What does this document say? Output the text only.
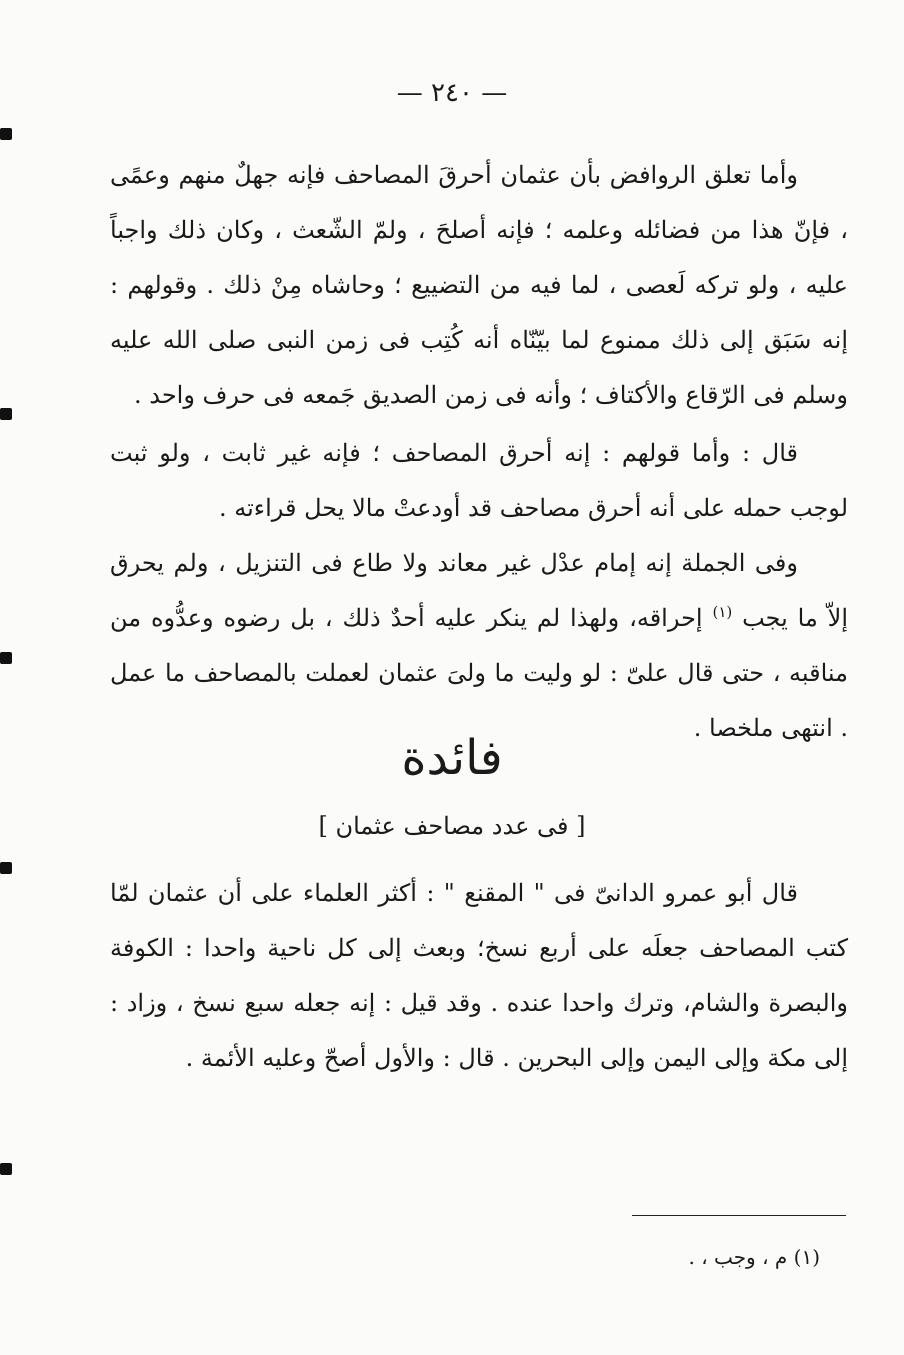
— ٢٤٠ —

وأما تعلق الروافض بأن عثمان أحرقَ المصاحف فإنه جهلٌ منهم وعمًى ، فإنّ هذا من فضائله وعلمه ؛ فإنه أصلحَ ، ولمّ الشّعث ، وكان ذلك واجباً عليه ، ولو تركه لَعصى ، لما فيه من التضييع ؛ وحاشاه مِنْ ذلك . وقولهم : إنه سَبَق إلى ذلك ممنوع لما بيّنّاه أنه كُتِب فى زمن النبى صلى الله عليه وسلم فى الرّقاع والأكتاف ؛ وأنه فى زمن الصديق جَمعه فى حرف واحد .

قال : وأما قولهم : إنه أحرق المصاحف ؛ فإنه غير ثابت ، ولو ثبت لوجب حمله على أنه أحرق مصاحف قد أودعتْ مالا يحل قراءته .

وفى الجملة إنه إمام عدْل غير معاند ولا طاع فى التنزيل ، ولم يحرق إلاّ ما يجب $^{(١)}$ إحراقه، ولهذا لم ينكر عليه أحدٌ ذلك ، بل رضوه وعدُّوه من مناقبه ، حتى قال علىّ : لو وليت ما ولىَ عثمان لعملت بالمصاحف ما عمل . انتهى ملخصا .

فائدة
[ فى عدد مصاحف عثمان ]

قال أبو عمرو الدانىّ فى " المقنع " : أكثر العلماء على أن عثمان لمّا كتب المصاحف جعلَه على أربع نسخ؛ وبعث إلى كل ناحية واحدا : الكوفة والبصرة والشام، وترك واحدا عنده . وقد قيل : إنه جعله سبع نسخ ، وزاد : إلى مكة وإلى اليمن وإلى البحرين . قال : والأول أصحّ وعليه الأئمة .

(١) م ، وجب ، .
